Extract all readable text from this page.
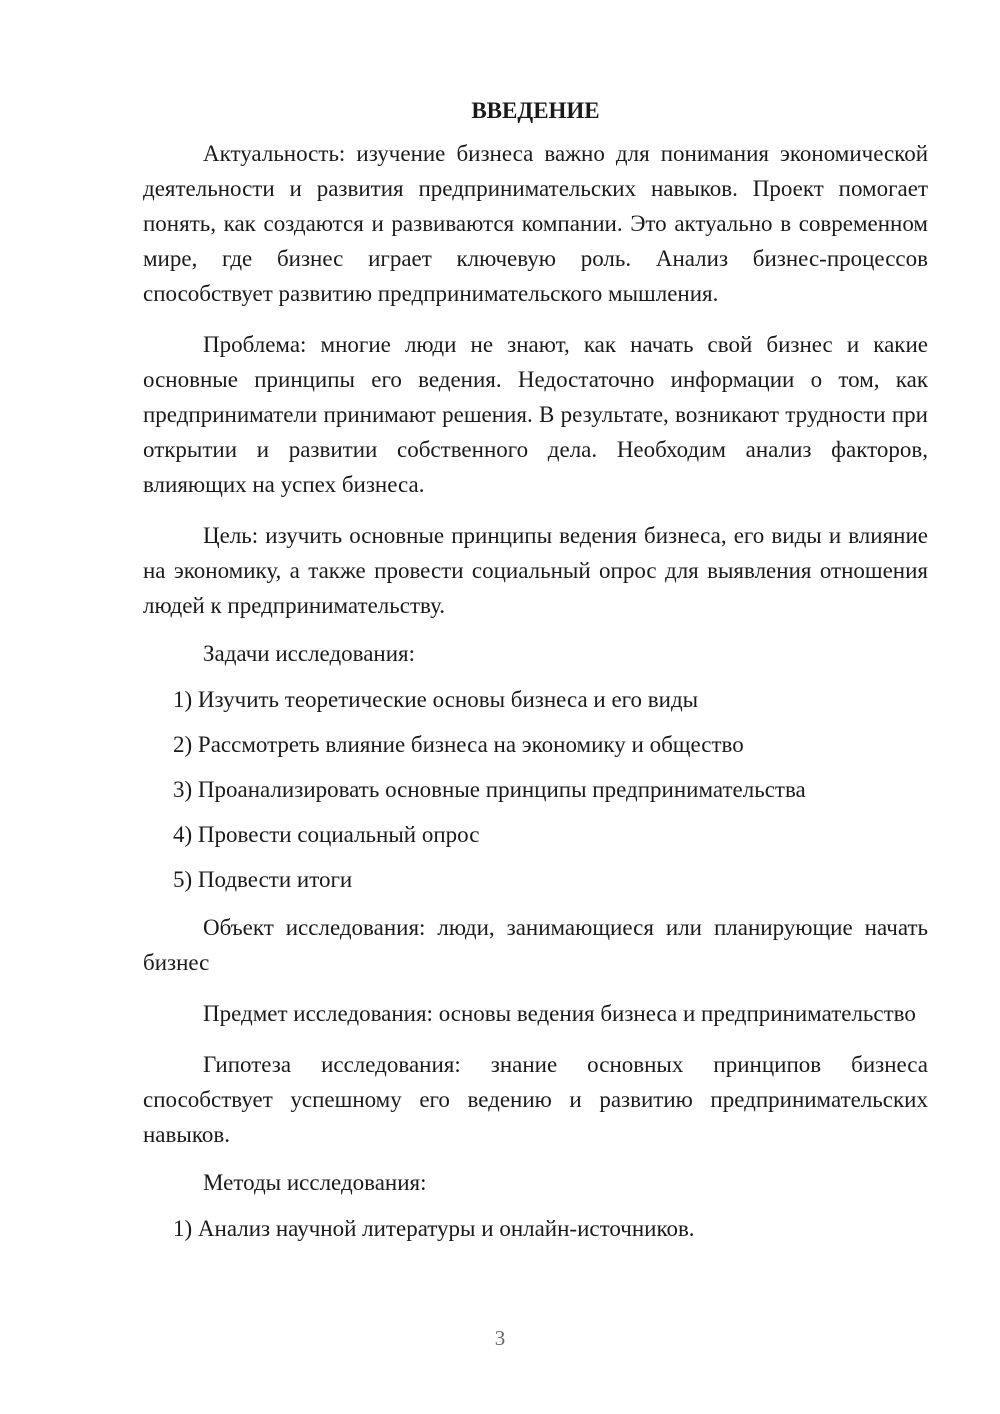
ВВЕДЕНИЕ

Актуальность: изучение бизнеса важно для понимания экономической деятельности и развития предпринимательских навыков. Проект помогает понять, как создаются и развиваются компании. Это актуально в современном мире, где бизнес играет ключевую роль. Анализ бизнес-процессов способствует развитию предпринимательского мышления.

Проблема: многие люди не знают, как начать свой бизнес и какие основные принципы его ведения. Недостаточно информации о том, как предприниматели принимают решения. В результате, возникают трудности при открытии и развитии собственного дела. Необходим анализ факторов, влияющих на успех бизнеса.

Цель: изучить основные принципы ведения бизнеса, его виды и влияние на экономику, а также провести социальный опрос для выявления отношения людей к предпринимательству.

Задачи исследования:
1) Изучить теоретические основы бизнеса и его виды
2) Рассмотреть влияние бизнеса на экономику и общество
3) Проанализировать основные принципы предпринимательства
4) Провести социальный опрос
5) Подвести итоги

Объект исследования: люди, занимающиеся или планирующие начать бизнес

Предмет исследования: основы ведения бизнеса и предпринимательство

Гипотеза исследования: знание основных принципов бизнеса способствует успешному его ведению и развитию предпринимательских навыков.

Методы исследования:
1) Анализ научной литературы и онлайн-источников.
3
